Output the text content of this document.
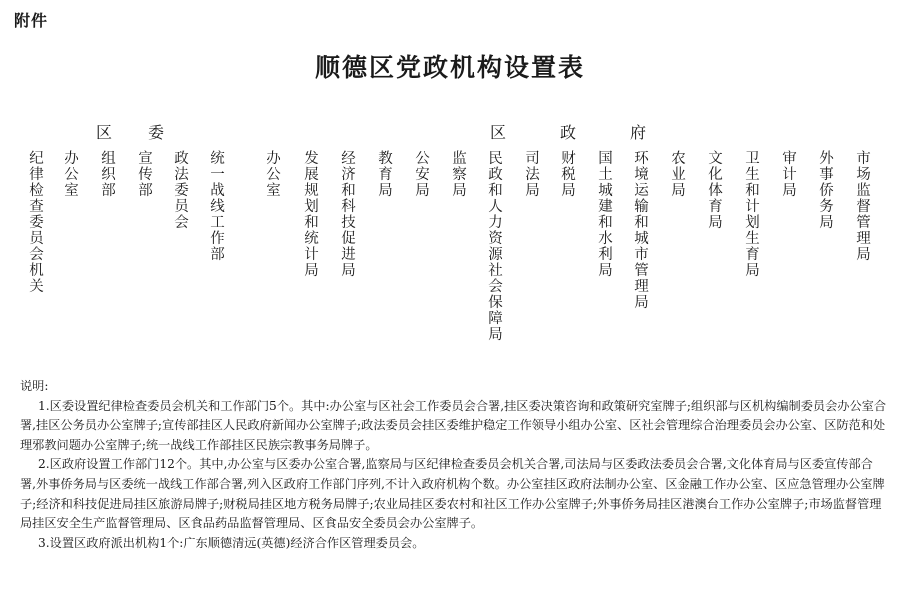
附件
顺德区党政机构设置表
区 委
纪律检查委员会机关 办公室 组织部 宣传部 政法委员会 统一战线工作部
区	政	府
办公室 发展规划和统计局 经济和科技促进局 教育局 公安局 监察局 民政和人力资源社会保障局 司法局 财税局 国土城建和水利局 环境运输和城市管理局 农业局 文化体育局 卫生和计划生育局 审计局 外事侨务局 市场监督管理局

说明:

1.区委设置纪律检查委员会机关和工作部门5个。其中:办公室与区社会工作委员会合署,挂区委决策咨询和政策研究室牌子;组织部与区机构编制委员会办公室合署,挂区公务员办公室牌子;宣传部挂区人民政府新闻办公室牌子;政法委员会挂区委维护稳定工作领导小组办公室、区社会管理综合治理委员会办公室、区防范和处理邪教问题办公室牌子;统一战线工作部挂区民族宗教事务局牌子。

2.区政府设置工作部门12个。其中,办公室与区委办公室合署,监察局与区纪律检查委员会机关合署,司法局与区委政法委员会合署,文化体育局与区委宣传部合署,外事侨务局与区委统一战线工作部合署,列入区政府工作部门序列,不计入政府机构个数。办公室挂区政府法制办公室、区金融工作办公室、区应急管理办公室牌子;经济和科技促进局挂区旅游局牌子;财税局挂区地方税务局牌子;农业局挂区委农村和社区工作办公室牌子;外事侨务局挂区港澳台工作办公室牌子;市场监督管理局挂区安全生产监督管理局、区食品药品监督管理局、区食品安全委员会办公室牌子。

3.设置区政府派出机构1个:广东顺德清远(英德)经济合作区管理委员会。
